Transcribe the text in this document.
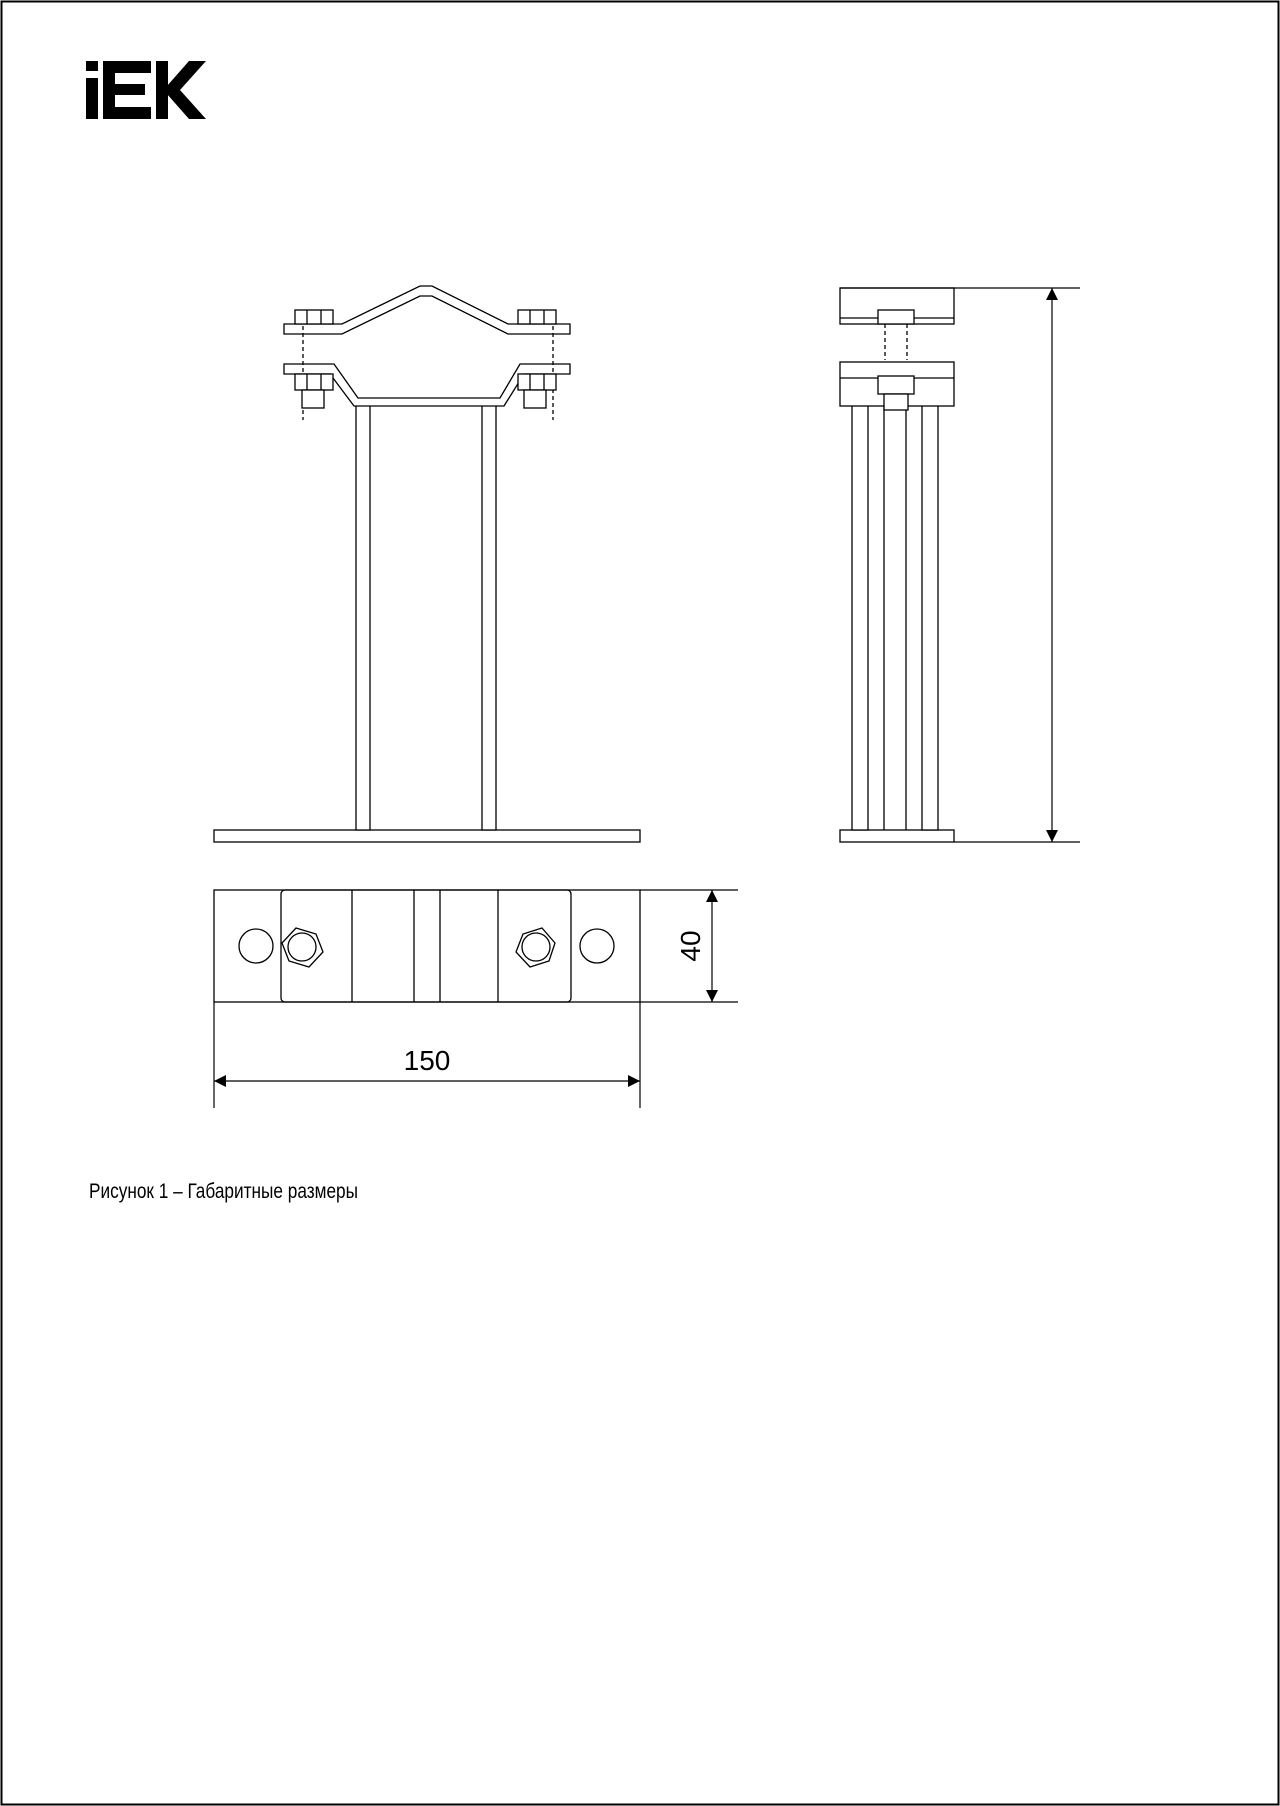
40
150
Рисунок 1 – Габаритные размеры
